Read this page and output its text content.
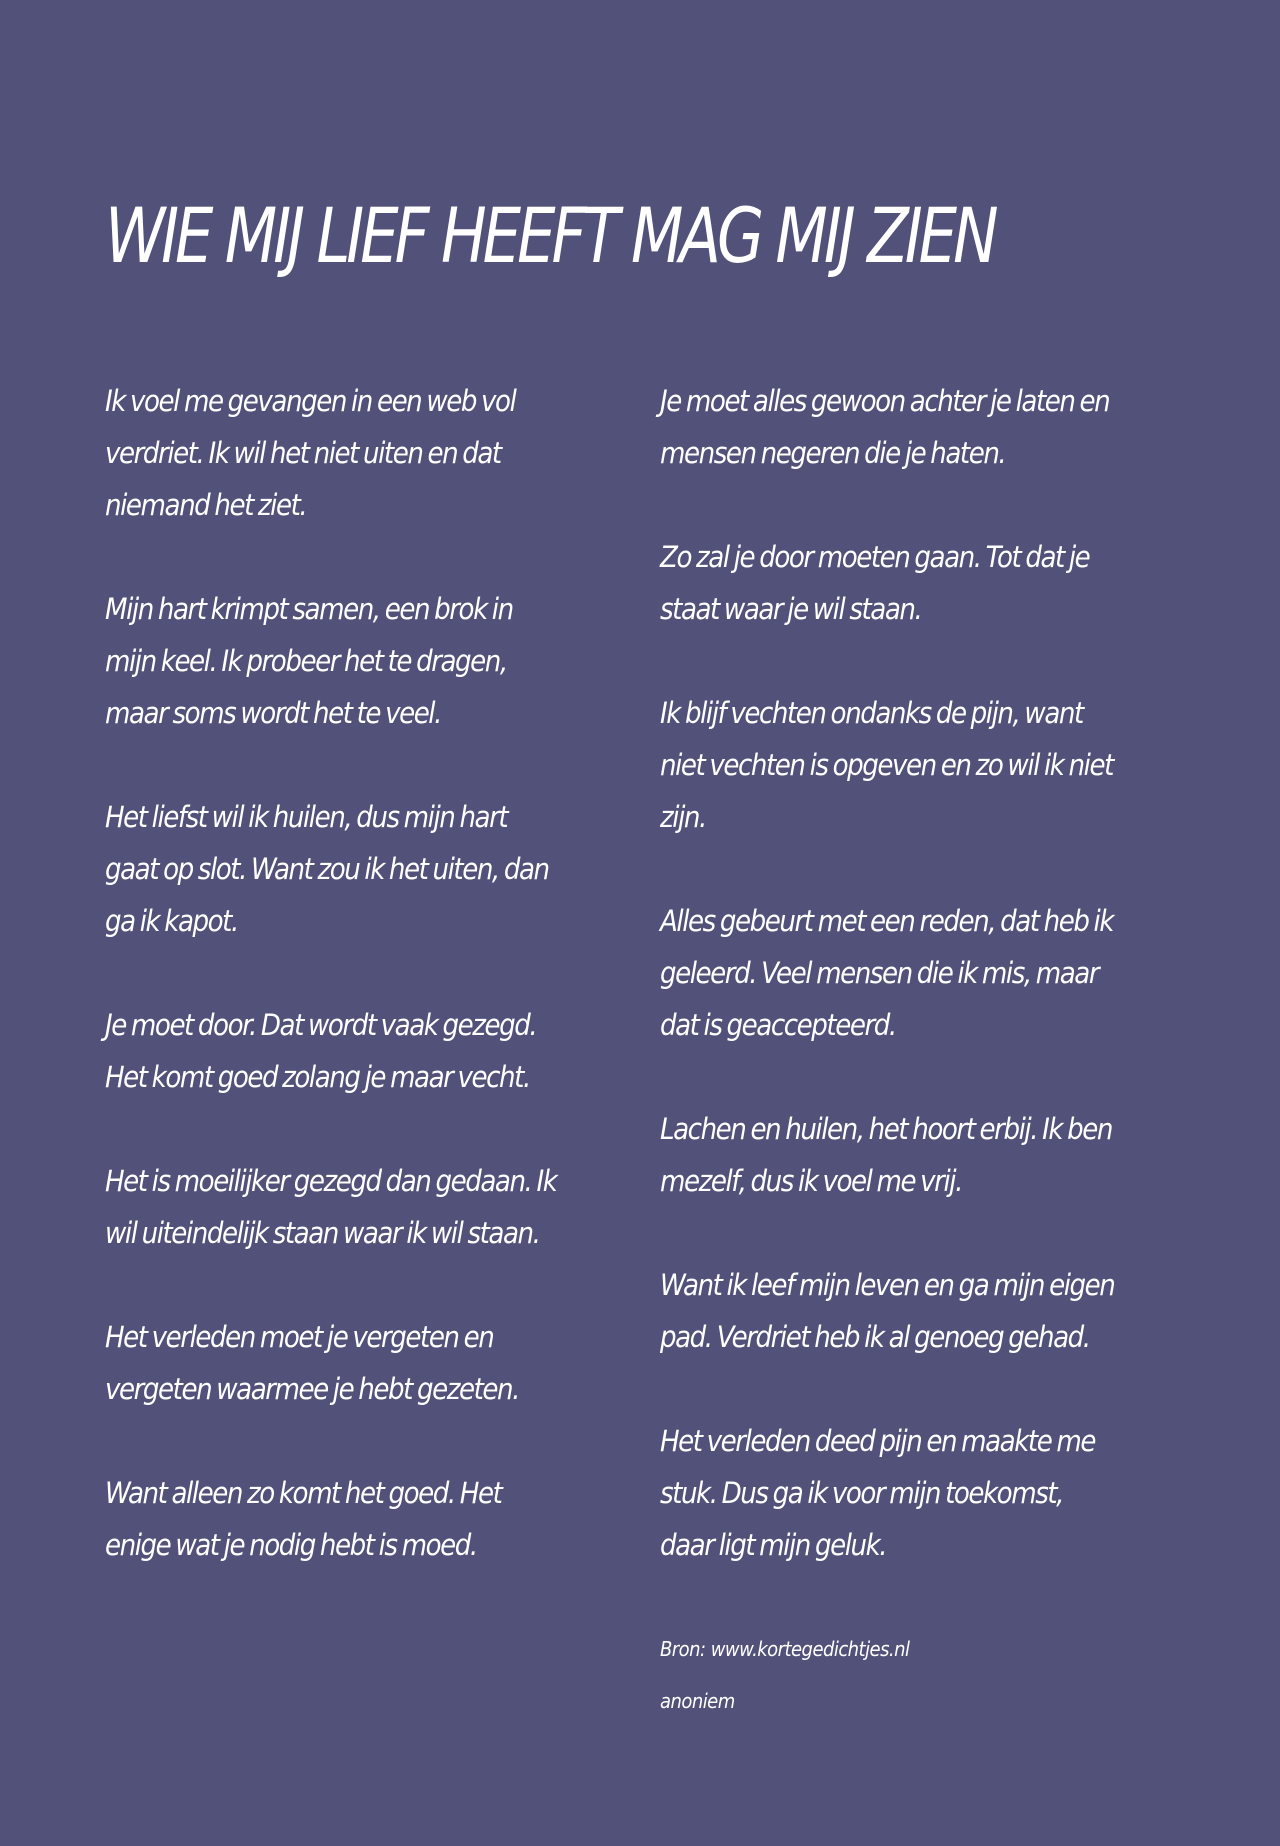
WIE MIJ LIEF HEEFT MAG MIJ ZIEN

Ik voel me gevangen in een web vol
verdriet. Ik wil het niet uiten en dat
niemand het ziet.

Mijn hart krimpt samen, een brok in
mijn keel. Ik probeer het te dragen,
maar soms wordt het te veel.

Het liefst wil ik huilen, dus mijn hart
gaat op slot. Want zou ik het uiten, dan
ga ik kapot.

Je moet door. Dat wordt vaak gezegd.
Het komt goed zolang je maar vecht.

Het is moeilijker gezegd dan gedaan. Ik
wil uiteindelijk staan waar ik wil staan.

Het verleden moet je vergeten en
vergeten waarmee je hebt gezeten.

Want alleen zo komt het goed. Het
enige wat je nodig hebt is moed.

Je moet alles gewoon achter je laten en
mensen negeren die je haten.

Zo zal je door moeten gaan. Tot dat je
staat waar je wil staan.

Ik blijf vechten ondanks de pijn, want
niet vechten is opgeven en zo wil ik niet
zijn.

Alles gebeurt met een reden, dat heb ik
geleerd. Veel mensen die ik mis, maar
dat is geaccepteerd.

Lachen en huilen, het hoort erbij. Ik ben
mezelf, dus ik voel me vrij.

Want ik leef mijn leven en ga mijn eigen
pad. Verdriet heb ik al genoeg gehad.

Het verleden deed pijn en maakte me
stuk. Dus ga ik voor mijn toekomst,
daar ligt mijn geluk.

Bron: www.kortegedichtjes.nl

anoniem
